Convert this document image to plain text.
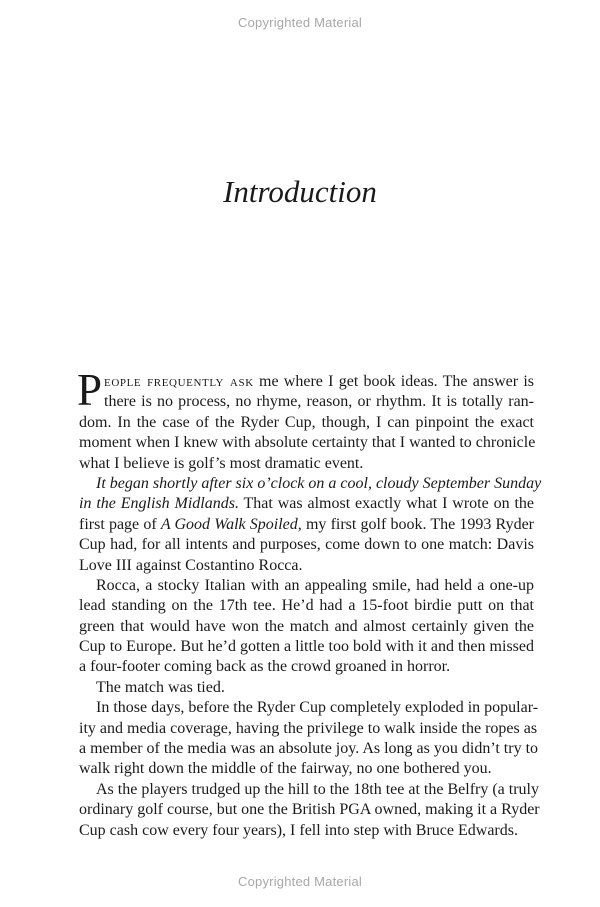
Copyrighted Material
Introduction
P eople frequently ask me where I get book ideas. The answer is
there is no process, no rhyme, reason, or rhythm. It is totally ran-
dom. In the case of the Ryder Cup, though, I can pinpoint the exact
moment when I knew with absolute certainty that I wanted to chronicle
what I believe is golf’s most dramatic event.
It began shortly after six o’clock on a cool, cloudy September Sunday
in the English Midlands. That was almost exactly what I wrote on the
first page of A Good Walk Spoiled, my first golf book. The 1993 Ryder
Cup had, for all intents and purposes, come down to one match: Davis
Love III against Costantino Rocca.
Rocca, a stocky Italian with an appealing smile, had held a one-up
lead standing on the 17th tee. He’d had a 15-foot birdie putt on that
green that would have won the match and almost certainly given the
Cup to Europe. But he’d gotten a little too bold with it and then missed
a four-footer coming back as the crowd groaned in horror.
The match was tied.
In those days, before the Ryder Cup completely exploded in popular-
ity and media coverage, having the privilege to walk inside the ropes as
a member of the media was an absolute joy. As long as you didn’t try to
walk right down the middle of the fairway, no one bothered you.
As the players trudged up the hill to the 18th tee at the Belfry (a truly
ordinary golf course, but one the British PGA owned, making it a Ryder
Cup cash cow every four years), I fell into step with Bruce Edwards.
Copyrighted Material
